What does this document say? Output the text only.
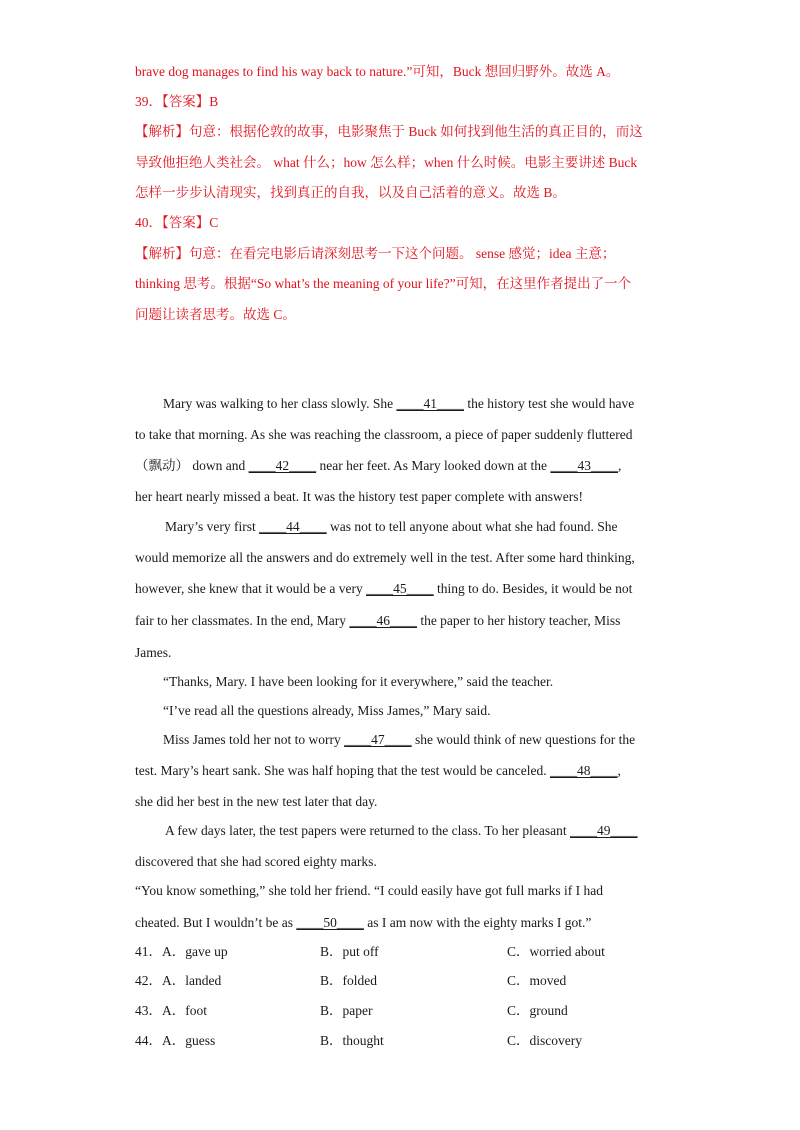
brave dog manages to find his way back to nature.”可知，Buck 想回归野外。故选 A。
39．【答案】B
【解析】句意：根据伦敦的故事，电影聚焦于 Buck 如何找到他生活的真正目的，而这
导致他拒绝人类社会。 what 什么；how 怎么样；when 什么时候。电影主要讲述 Buck
怎样一步步认清现实，找到真正的自我，以及自己活着的意义。故选 B。
40．【答案】C
【解析】句意：在看完电影后请深刻思考一下这个问题。 sense 感觉；idea 主意；
thinking 思考。根据“So what’s the meaning of your life?”可知，在这里作者提出了一个
问题让读者思考。故选 C。
Mary was walking to her class slowly. She ____41____ the history test she would have
to take that morning. As she was reaching the classroom, a piece of paper suddenly fluttered
（飘动） down and ____42____ near her feet. As Mary looked down at the ____43____,
her heart nearly missed a beat. It was the history test paper complete with answers!
Mary’s very first ____44____ was not to tell anyone about what she had found. She
would memorize all the answers and do extremely well in the test. After some hard thinking,
however, she knew that it would be a very ____45____ thing to do. Besides, it would be not
fair to her classmates. In the end, Mary ____46____ the paper to her history teacher, Miss
James.
“Thanks, Mary. I have been looking for it everywhere,” said the teacher.
“I’ve read all the questions already, Miss James,” Mary said.
Miss James told her not to worry ____47____ she would think of new questions for the
test. Mary’s heart sank. She was half hoping that the test would be canceled. ____48____,
she did her best in the new test later that day.
A few days later, the test papers were returned to the class. To her pleasant ____49____
discovered that she had scored eighty marks.
“You know something,” she told her friend. “I could easily have got full marks if I had
cheated. But I wouldn’t be as ____50____ as I am now with the eighty marks I got.”
41．A．gave up	B．put off	C．worried about
42．A．landed	B．folded	C．moved
43．A．foot	B．paper	C．ground
44．A．guess	B．thought	C．discovery
